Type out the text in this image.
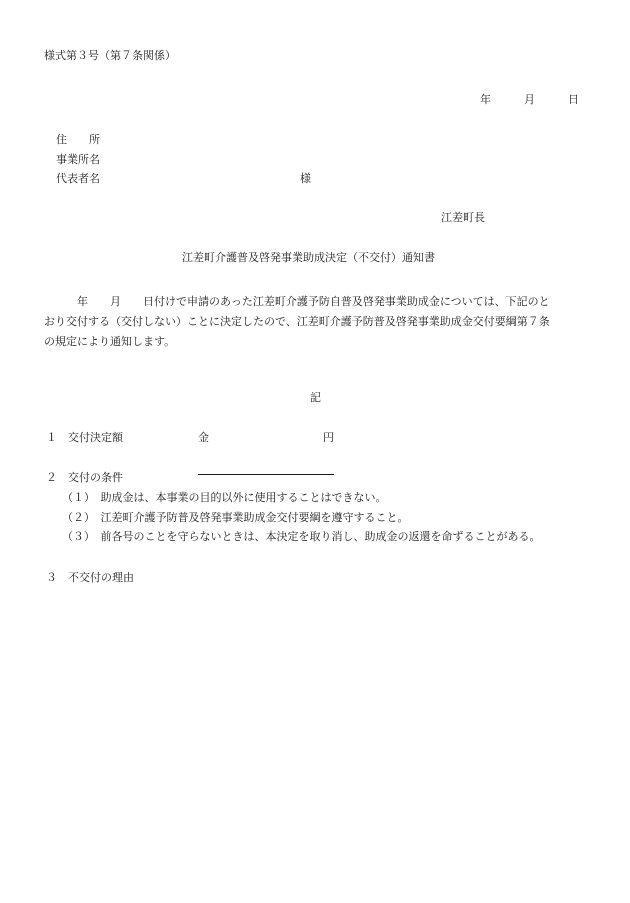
様式第３号（第７条関係）
年　　　月　　　日
住　　所
事業所名
代表者名	様
江差町長
江差町介護普及啓発事業助成決定（不交付）通知書
　　　年　　月　　日付けで申請のあった江差町介護予防自普及啓発事業助成金については、下記のと
おり交付する（交付しない）ことに決定したので、江差町介護予防普及啓発事業助成金交付要綱第７条
の規定により通知します。
記
１　交付決定額

	金

	円

２　交付の条件
（１）　助成金は、本事業の目的以外に使用することはできない。
（２）　江差町介護予防普及啓発事業助成金交付要綱を遵守すること。
（３）　前各号のことを守らないときは、本決定を取り消し、助成金の返還を命ずることがある。
３　不交付の理由
